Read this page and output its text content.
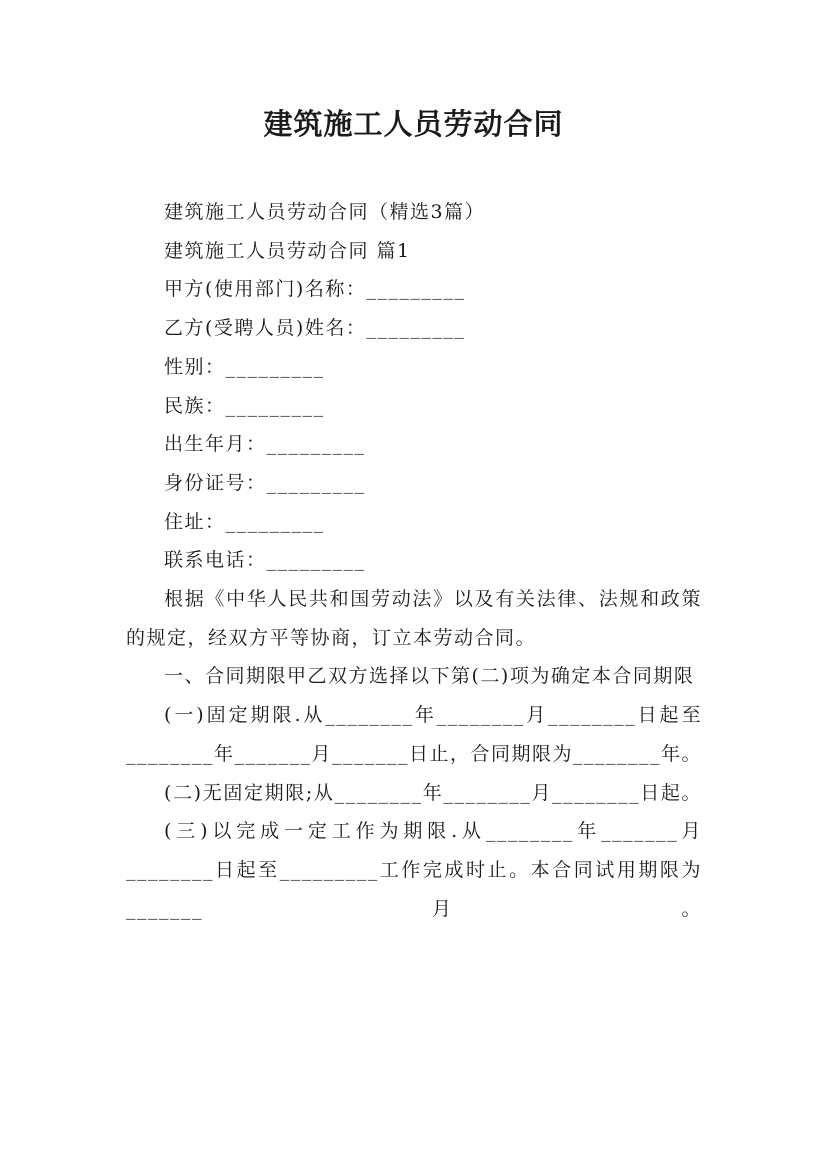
建筑施工人员劳动合同

建筑施工人员劳动合同（精选3篇）

建筑施工人员劳动合同 篇1

甲方(使用部门)名称：_________

乙方(受聘人员)姓名：_________

性别：_________

民族：_________

出生年月：_________

身份证号：_________

住址：_________

联系电话：_________

根据《中华人民共和国劳动法》以及有关法律、法规和政策的规定，经双方平等协商，订立本劳动合同。

一、合同期限甲乙双方选择以下第(二)项为确定本合同期限

(一)固定期限.从________年________月________日起至________年_______月_______日止，合同期限为________年。

(二)无固定期限;从________年________月________日起。

(三)以完成一定工作为期限.从________年_______月________日起至_________工作完成时止。本合同试用期限为_______月。
